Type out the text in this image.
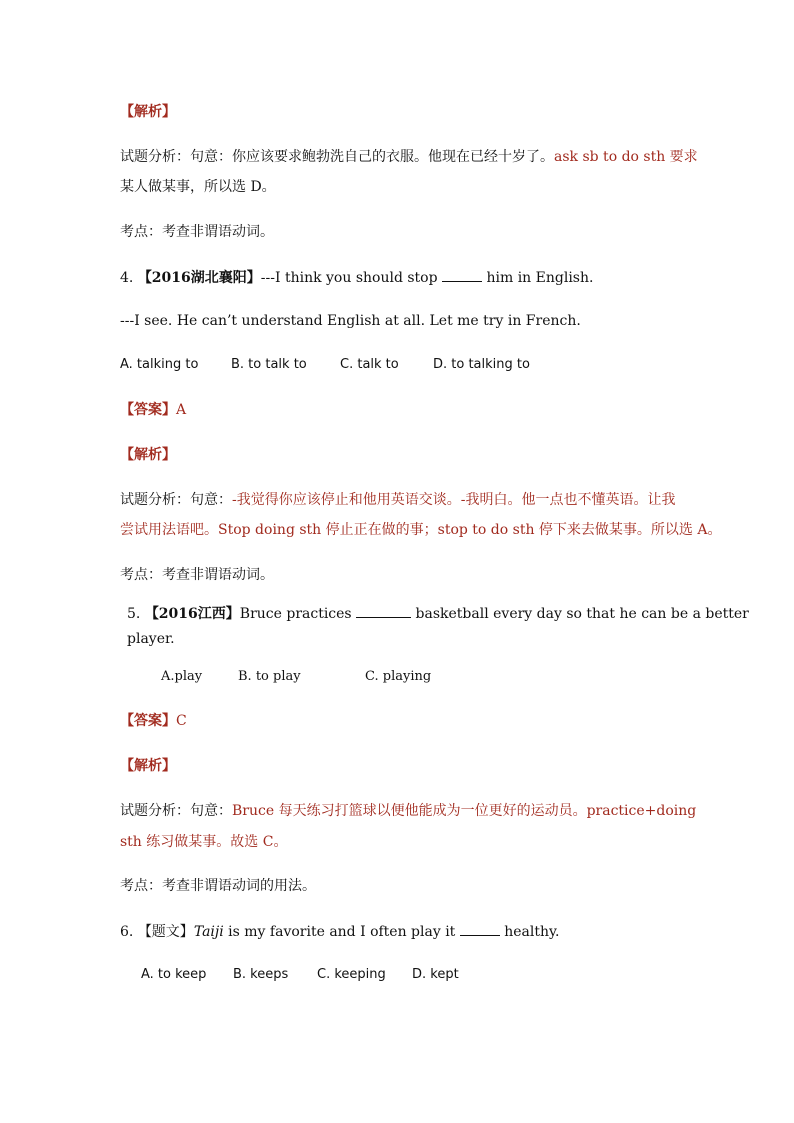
【解析】
试题分析：句意：你应该要求鲍勃洗自己的衣服。他现在已经十岁了。ask sb to do sth 要求
某人做某事，所以选 D。
考点：考查非谓语动词。
4. 【2016湖北襄阳】---I think you should stop	him in English.
---I see. He can’t understand English at all. Let me try in French.
A. talking to	B. to talk to	C. talk to	D. to talking to
【答案】A
【解析】
试题分析：句意：-我觉得你应该停止和他用英语交谈。-我明白。他一点也不懂英语。让我
尝试用法语吧。Stop doing sth 停止正在做的事；stop to do sth 停下来去做某事。所以选 A。
考点：考查非谓语动词。
5. 【2016江西】Bruce practices	basketball every day so that he can be a better
player.
A.play	B. to play	C. playing
【答案】C
【解析】
试题分析：句意：Bruce 每天练习打篮球以便他能成为一位更好的运动员。practice+doing
sth 练习做某事。故选 C。
考点：考查非谓语动词的用法。
6. 【题文】Taiji is my favorite and I often play it	healthy.
A. to keep B. keeps C. keeping D. kept
